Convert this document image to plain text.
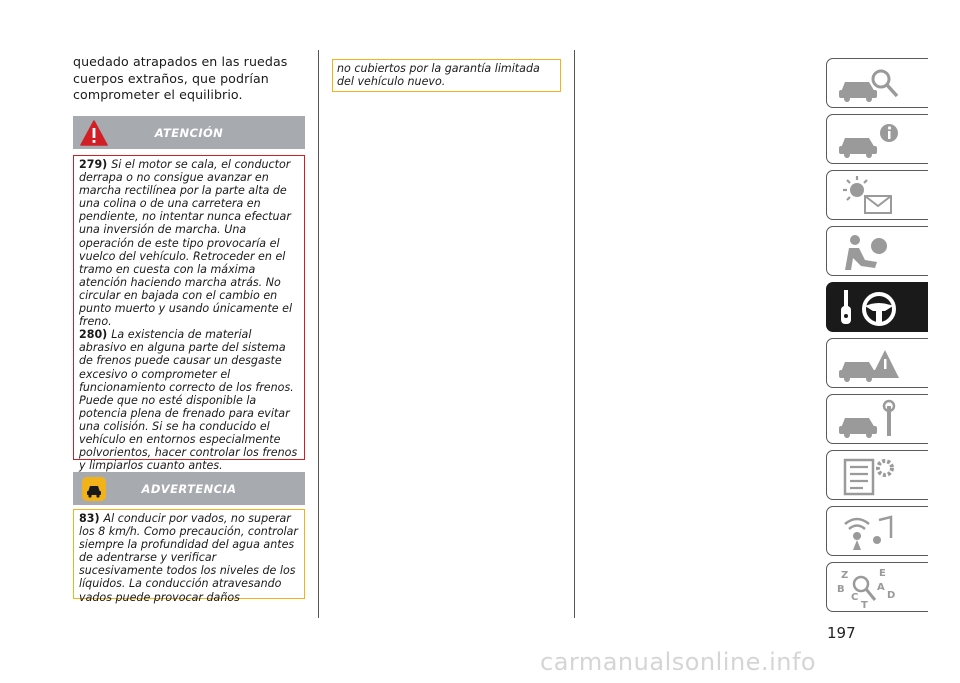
quedado atrapados en las ruedas cuerpos extraños, que podrían comprometer el equilibrio.
ATENCIÓN

279) Si el motor se cala, el conductor derrapa o no consigue avanzar en marcha rectilínea por la parte alta de una colina o de una carretera en pendiente, no intentar nunca efectuar una inversión de marcha. Una operación de este tipo provocaría el vuelco del vehículo. Retroceder en el tramo en cuesta con la máxima atención haciendo marcha atrás. No circular en bajada con el cambio en punto muerto y usando únicamente el freno.

280) La existencia de material abrasivo en alguna parte del sistema de frenos puede causar un desgaste excesivo o comprometer el funcionamiento correcto de los frenos. Puede que no esté disponible la potencia plena de frenado para evitar una colisión. Si se ha conducido el vehículo en entornos especialmente polvorientos, hacer controlar los frenos y limpiarlos cuanto antes.

ADVERTENCIA

83) Al conducir por vados, no superar los 8 km/h. Como precaución, controlar siempre la profundidad del agua antes de adentrarse y verificar sucesivamente todos los niveles de los líquidos. La conducción atravesando vados puede provocar daños

no cubiertos por la garantía limitada del vehículo nuevo.
Z	E
B	A
C
T
D
197
carmanualsonline.info
